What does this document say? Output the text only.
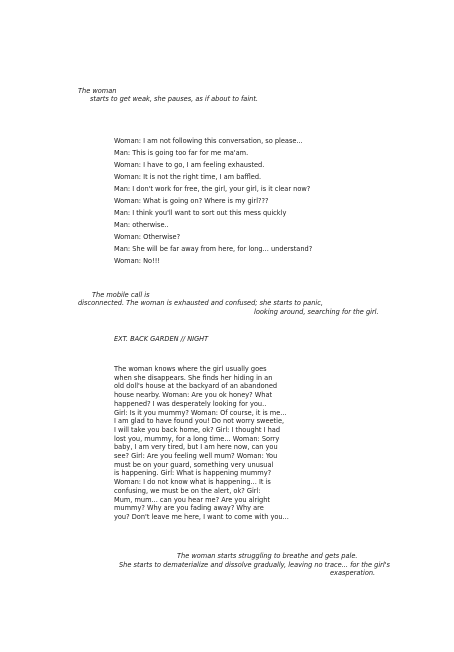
The woman
starts to get weak, she pauses, as if about to faint.
Woman: I am not following this conversation, so please...
Man: This is going too far for me ma'am.
Woman: I have to go, I am feeling exhausted.
Woman: It is not the right time, I am baffled.
Man: I don't work for free, the girl, your girl, is it clear now?
Woman: What is going on? Where is my girl???
Man: I think you'll want to sort out this mess quickly
Man: otherwise..
Woman: Otherwise?
Man: She will be far away from here, for long... understand?
Woman: No!!!
The mobile call is
disconnected. The woman is exhausted and confused; she starts to panic,
looking around, searching for the girl.
EXT. BACK GARDEN // NIGHT
The woman knows where the girl usually goes
when she disappears. She finds her hiding in an
old doll's house at the backyard of an abandoned
house nearby. Woman: Are you ok honey? What
happened? I was desperately looking for you..
Girl: Is it you mummy? Woman: Of course, it is me...
I am glad to have found you! Do not worry sweetie,
I will take you back home, ok? Girl: I thought I had
lost you, mummy, for a long time... Woman: Sorry
baby, I am very tired, but I am here now, can you
see? Girl: Are you feeling well mum? Woman: You
must be on your guard, something very unusual
is happening. Girl: What is happening mummy?
Woman: I do not know what is happening... It is
confusing, we must be on the alert, ok? Girl:
Mum, mum... can you hear me? Are you alright
mummy? Why are you fading away? Why are
you? Don't leave me here, I want to come with you...
The woman starts struggling to breathe and gets pale.
She starts to dematerialize and dissolve gradually, leaving no trace... for the girl's
exasperation.
